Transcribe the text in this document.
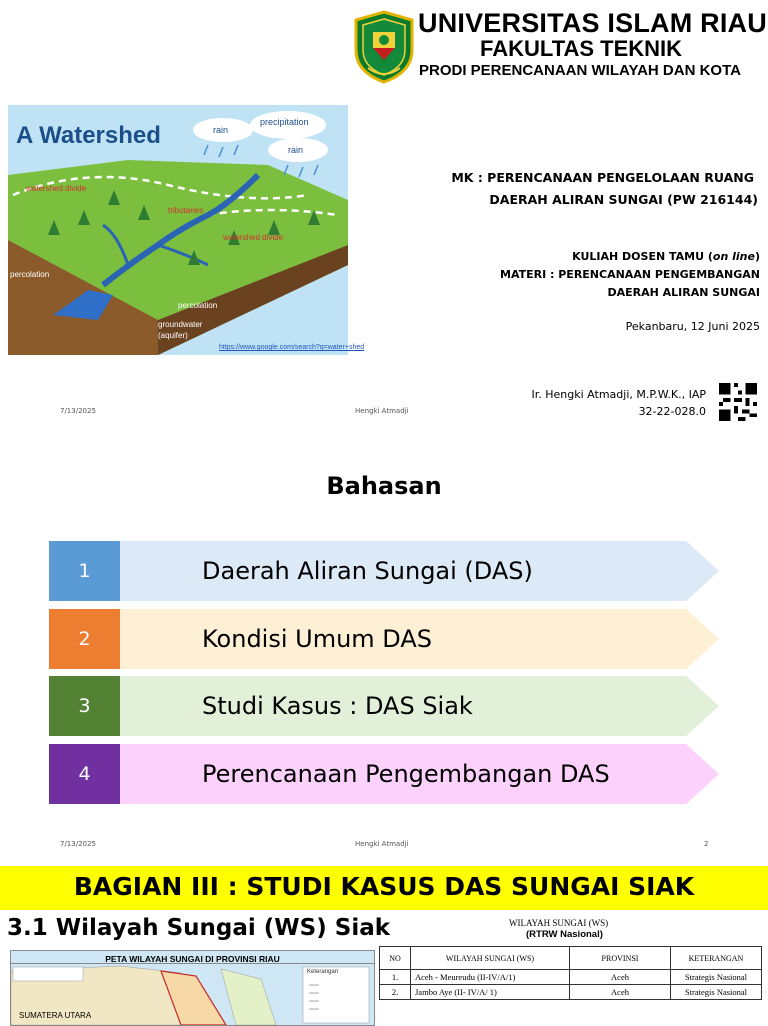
UNIVERSITAS ISLAM RIAU
FAKULTAS TEKNIK
PRODI PERENCANAAN WILAYAH DAN KOTA
A Watershed	rain
precipitation
rain
watershed divide
tributaries
watershed divide
percolation
percolation
groundwater
(aquifer)
https://www.google.com/search?q=water+shed
MK : PERENCANAAN PENGELOLAAN RUANG
DAERAH ALIRAN SUNGAI (PW 216144)
KULIAH DOSEN TAMU (on line)
MATERI : PERENCANAAN PENGEMBANGAN
DAERAH ALIRAN SUNGAI
Pekanbaru, 12 Juni 2025
Ir. Hengki Atmadji, M.P.W.K., IAP
32-22-028.0
7/13/2025	Hengki Atmadji
Bahasan
1	Daerah Aliran Sungai (DAS)
2	Kondisi Umum DAS
3	Studi Kasus : DAS Siak
4	Perencanaan Pengembangan DAS
7/13/2025	Hengki Atmadji	2
BAGIAN III : STUDI KASUS DAS SUNGAI SIAK
3.1 Wilayah Sungai (WS) Siak
PETA WILAYAH SUNGAI DI PROVINSI RIAU
Keterangan
SUMATERA UTARA
WILAYAH SUNGAI (WS)
(RTRW Nasional)
NO	WILAYAH SUNGAI (WS)	PROVINSI	KETERANGAN
1.	Aceh - Meureudu (II-IV/A/1)	Aceh	Strategis Nasional
2.	Jambo Aye (II- IV/A/ 1)	Aceh	Strategis Nasional
